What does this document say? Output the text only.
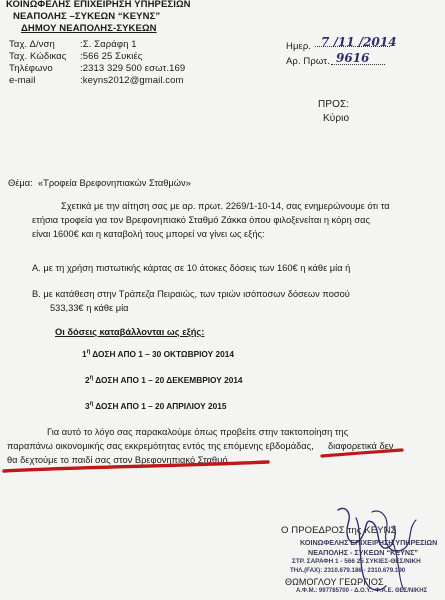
ΚΟΙΝΩΦΕΛΗΣ ΕΠΙΧΕΙΡΗΣΗ ΥΠΗΡΕΣΙΩΝ
ΝΕΑΠΟΛΗΣ –ΣΥΚΕΩΝ “ΚΕΥΝΣ”
ΔΗΜΟΥ ΝΕΑΠΟΛΗΣ-ΣΥΚΕΩΝ
Ταχ. Δ/νση	:Σ. Σαράφη 1
Ταχ. Κώδικας :566 25 Συκιές
Τηλέφωνο	:2313 329 500 εσωτ.169
e-mail	:keyns2012@gmail.com
Ημερ. 7 /11 /2014
Αρ. Πρωτ. 9616
ΠΡΟΣ:
Κύριο
Θέμα: «Τροφεία Βρεφονηπιακών Σταθμών»
Σχετικά με την αίτηση σας με αρ. πρωτ. 2269/1-10-14, σας ενημερώνουμε ότι τα
ετήσια τροφεία για τον Βρεφονηπιακό Σταθμό Ζάκκα όπου φιλοξενείται η κόρη σας
είναι 1600€ και η καταβολή τους μπορεί να γίνει ως εξής:
A. με τη χρήση πιστωτικής κάρτας σε 10 άτοκες δόσεις των 160€ η κάθε μία ή
B. με κατάθεση στην Τράπεζα Πειραιώς, των τριών ισόποσων δόσεων ποσού
533,33€ η κάθε μία
Οι δόσεις καταβάλλονται ως εξής:
$1^\eta$ ΔΟΣΗ ΑΠΟ 1 – 30 ΟΚΤΩΒΡΙΟΥ 2014
$2^\eta$ ΔΟΣΗ ΑΠΟ 1 – 20 ΔΕΚΕΜΒΡΙΟΥ 2014
$3^\eta$ ΔΟΣΗ ΑΠΟ 1 – 20 ΑΠΡΙΛΙΟΥ 2015
Για αυτό το λόγο σας παρακαλούμε όπως προβείτε στην τακτοποίηση της
παραπάνω οικονομικής σας εκκρεμότητας εντός της επόμενης εβδομάδας, διαφορετικά δεν
θα δεχτούμε το παιδί σας στον Βρεφονηπιακό Σταθμό.
Ο ΠΡΟΕΔΡΟΣ της ΚΕΥΝΣ
ΘΩΜΟΓΛΟΥ ΓΕΩΡΓΙΟΣ
ΚΟΙΝΩΦΕΛΗΣ ΕΠΙΧΕΙΡΗΣΗ ΥΠΗΡΕΣΙΩΝ
ΝΕΑΠΟΛΗΣ - ΣΥΚΕΩΝ “ΚΕΥΝΣ”
ΣΤΡ. ΣΑΡΑΦΗ 1 - 566 25 ΣΥΚΙΕΣ-ΘΕΣ/ΝΙΚΗ
ΤΗΛ.(FAX): 2310.679.186 - 2310.679.190
Α.Φ.Μ.: 997785700 - Δ.Ο.Υ.: Φ.Α.Ε. ΘΕΣ/ΝΙΚΗΣ
